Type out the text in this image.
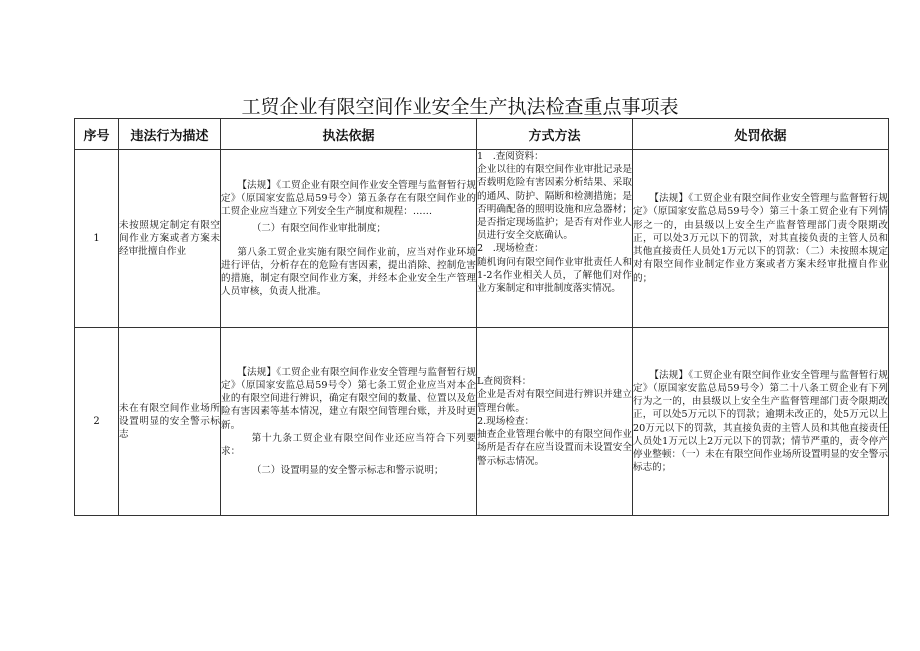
工贸企业有限空间作业安全生产执法检查重点事项表
序号	违法行为描述	执法依据	方式方法	处罚依据
1	未按照规定制定有限空间作业方案或者方案未经审批擅自作业	【法规】《工贸企业有限空间作业安全管理与监督暂行规定》（原国家安监总局59号令）第五条存在有限空间作业的工贸企业应当建立下列安全生产制度和规程：……
（二）有限空间作业审批制度；
第八条工贸企业实施有限空间作业前，应当对作业环境进行评估，分析存在的危险有害因素，提出消除、控制危害的措施，制定有限空间作业方案，并经本企业安全生产管理人员审核，负责人批准。	1　.查阅资料：
企业以往的有限空间作业审批记录是否载明危险有害因素分析结果、采取的通风、防护、隔断和检测措施；是否明确配备的照明设施和应急器材；是否指定现场监护；是否有对作业人员进行安全交底确认。
2　.现场检查：
随机询问有限空间作业审批责任人和1-2名作业相关人员，了解他们对作业方案制定和审批制度落实情况。	【法规】《工贸企业有限空间作业安全管理与监督暂行规定》（原国家安监总局59号令）第三十条工贸企业有下列情形之一的，由县级以上安全生产监督管理部门责令限期改正，可以处3万元以下的罚款，对其直接负责的主管人员和其他直接责任人员处1万元以下的罚款：（二）未按照本规定对有限空间作业制定作业方案或者方案未经审批擅自作业的；

2	未在有限空间作业场所设置明显的安全警示标志	【法规】《工贸企业有限空间作业安全管理与监督暂行规定》（原国家安监总局59号令）第七条工贸企业应当对本企业的有限空间进行辨识，确定有限空间的数量、位置以及危险有害因素等基本情况，建立有限空间管理台账，并及时更新。
第十九条工贸企业有限空间作业还应当符合下列要求：
（二）设置明显的安全警示标志和警示说明；	L查阅资料：
企业是否对有限空间进行辨识并建立管理台帐。
2.现场检查：
抽查企业管理台帐中的有限空间作业场所是否存在应当设置而未设置安全警示标志情况。	【法规】《工贸企业有限空间作业安全管理与监督暂行规定》（原国家安监总局59号令）第二十八条工贸企业有下列行为之一的，由县级以上安全生产监督管理部门责令限期改正，可以处5万元以下的罚款；逾期未改正的，处5万元以上20万元以下的罚款，其直接负责的主管人员和其他直接责任人员处1万元以上2万元以下的罚款；情节严重的，责令停产停业整顿：（一）未在有限空间作业场所设置明显的安全警示标志的；
